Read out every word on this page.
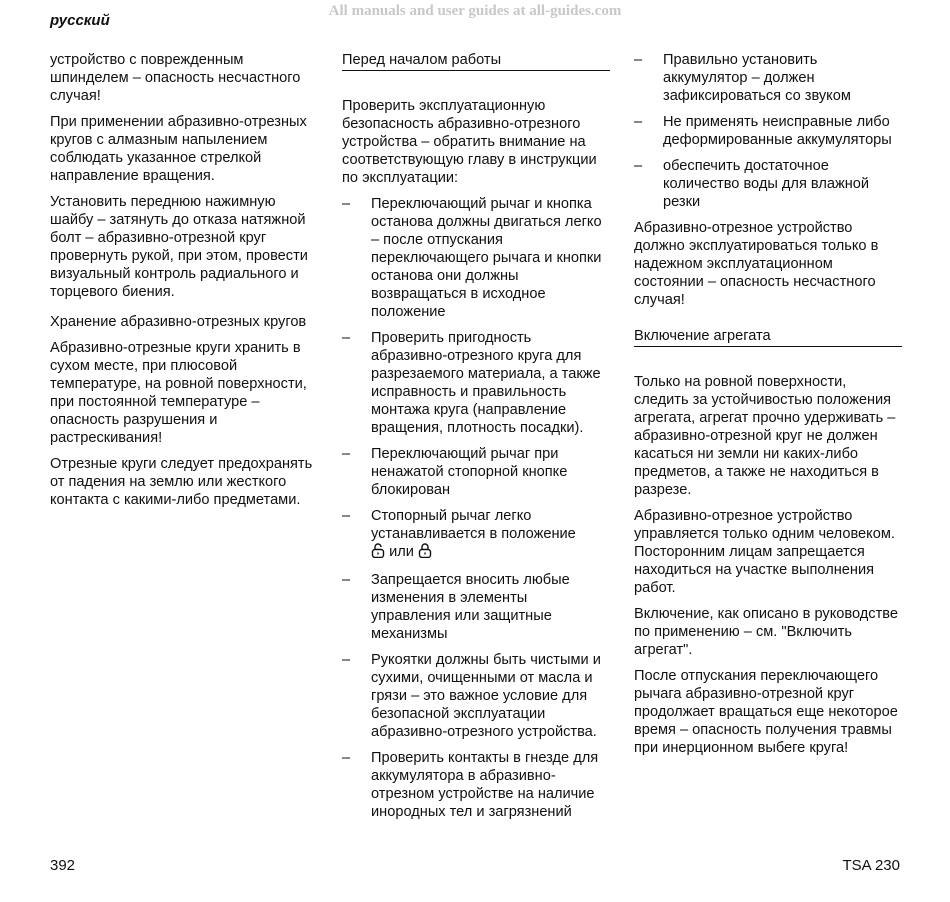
All manuals and user guides at all-guides.com
русский

устройство с поврежденным шпинделем – опасность несчастного случая!

При применении абразивно-отрезных кругов с алмазным напылением соблюдать указанное стрелкой направление вращения.

Установить переднюю нажимную шайбу – затянуть до отказа натяжной болт – абразивно-отрезной круг провернуть рукой, при этом, провести визуальный контроль радиального и торцевого биения.

Хранение абразивно-отрезных кругов

Абразивно-отрезные круги хранить в сухом месте, при плюсовой температуре, на ровной поверхности, при постоянной температуре – опасность разрушения и растрескивания!

Отрезные круги следует предохранять от падения на землю или жесткого контакта с какими-либо предметами.

Перед началом работы

Проверить эксплуатационную безопасность абразивно-отрезного устройства – обратить внимание на соответствующую главу в инструкции по эксплуатации:

– Переключающий рычаг и кнопка останова должны двигаться легко – после отпускания переключающего рычага и кнопки останова они должны возвращаться в исходное положение
– Проверить пригодность абразивно-отрезного круга для разрезаемого материала, а также исправность и правильность монтажа круга (направление вращения, плотность посадки).
– Переключающий рычаг при ненажатой стопорной кнопке блокирован
– Стопорный рычаг легко устанавливается в положение
или
– Запрещается вносить любые изменения в элементы управления или защитные механизмы
– Рукоятки должны быть чистыми и сухими, очищенными от масла и грязи – это важное условие для безопасной эксплуатации абразивно-отрезного устройства.
– Проверить контакты в гнезде для аккумулятора в абразивно-отрезном устройстве на наличие инородных тел и загрязнений
– Правильно установить аккумулятор – должен зафиксироваться со звуком
– Не применять неисправные либо деформированные аккумуляторы
– обеспечить достаточное количество воды для влажной резки

Абразивно-отрезное устройство должно эксплуатироваться только в надежном эксплуатационном состоянии – опасность несчастного случая!

Включение агрегата

Только на ровной поверхности, следить за устойчивостью положения агрегата, агрегат прочно удерживать – абразивно-отрезной круг не должен касаться ни земли ни каких-либо предметов, а также не находиться в разрезе.

Абразивно-отрезное устройство управляется только одним человеком. Посторонним лицам запрещается находиться на участке выполнения работ.

Включение, как описано в руководстве по применению – см. "Включить агрегат".

После отпускания переключающего рычага абразивно-отрезной круг продолжает вращаться еще некоторое время – опасность получения травмы при инерционном выбеге круга!

392	TSA 230
